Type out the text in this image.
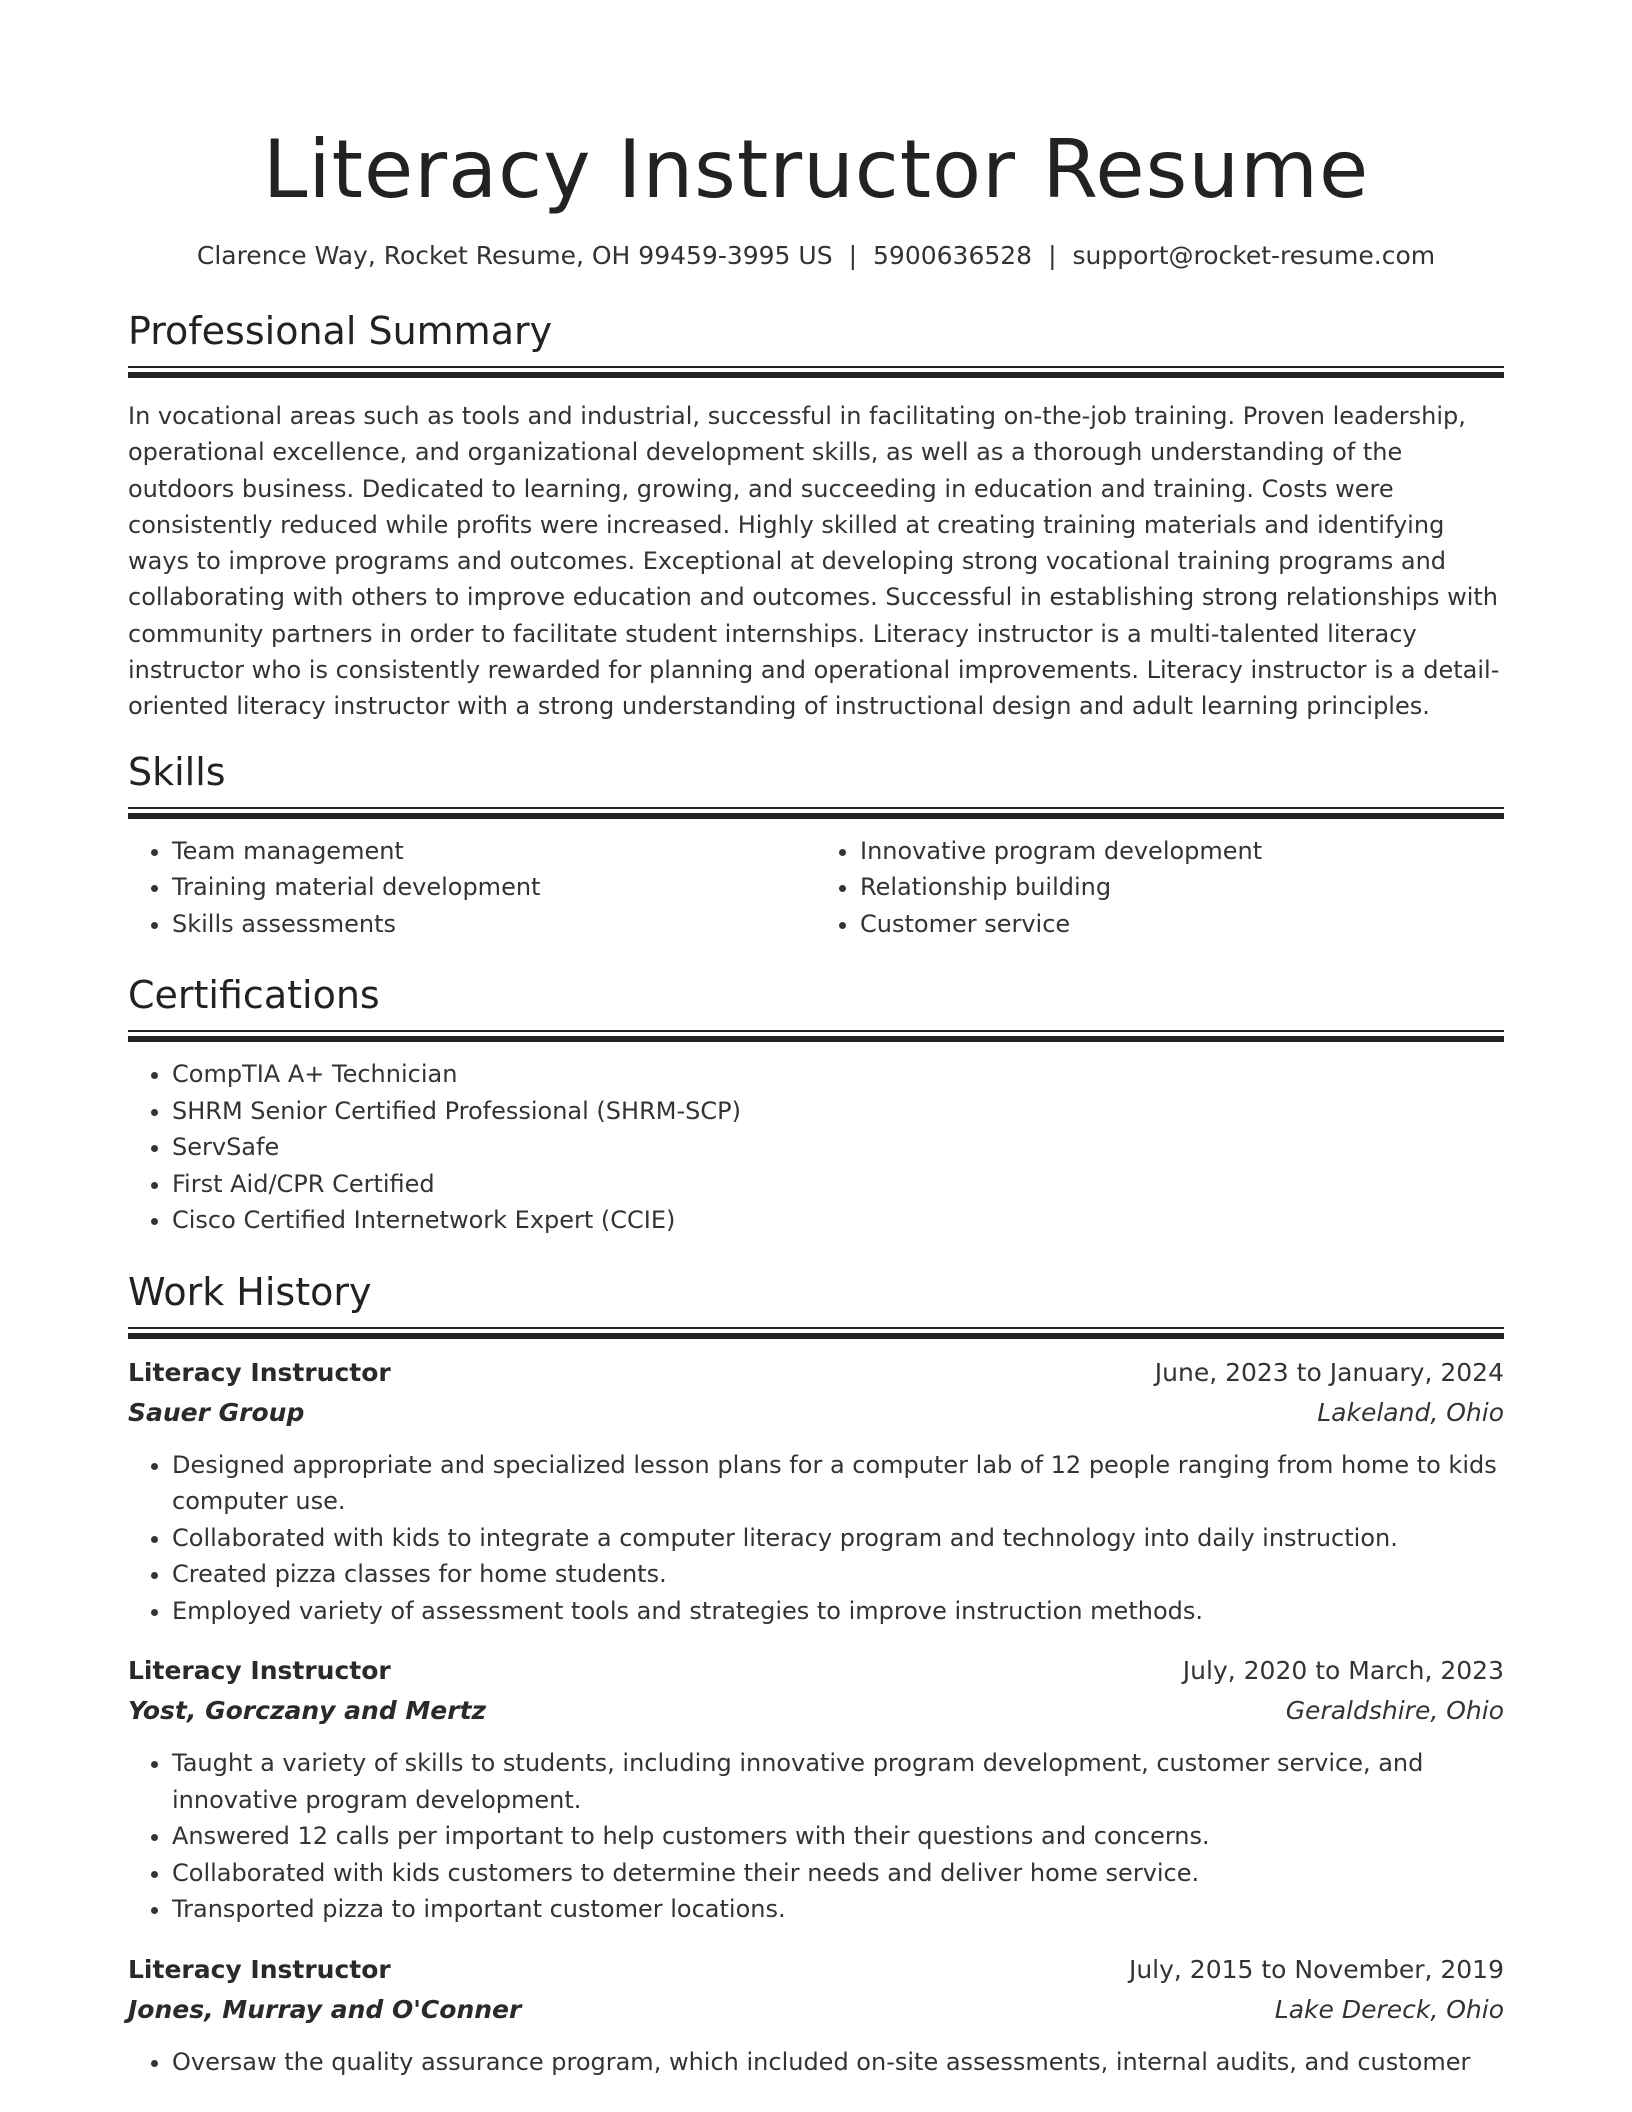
Literacy Instructor Resume
Clarence Way, Rocket Resume, OH 99459-3995 US | 5900636528 | support@rocket-resume.com
Professional Summary

In vocational areas such as tools and industrial, successful in facilitating on-the-job training. Proven leadership, operational excellence, and organizational development skills, as well as a thorough understanding of the outdoors business. Dedicated to learning, growing, and succeeding in education and training. Costs were consistently reduced while profits were increased. Highly skilled at creating training materials and identifying ways to improve programs and outcomes. Exceptional at developing strong vocational training programs and collaborating with others to improve education and outcomes. Successful in establishing strong relationships with community partners in order to facilitate student internships. Literacy instructor is a multi-talented literacy instructor who is consistently rewarded for planning and operational improvements. Literacy instructor is a detail-oriented literacy instructor with a strong understanding of instructional design and adult learning principles.

Skills
• Team management
• Training material development
• Skills assessments
• Innovative program development
• Relationship building
• Customer service
Certifications
• CompTIA A+ Technician
• SHRM Senior Certified Professional (SHRM-SCP)
• ServSafe
• First Aid/CPR Certified
• Cisco Certified Internetwork Expert (CCIE)
Work History
Literacy Instructor	June, 2023 to January, 2024
Sauer Group	Lakeland, Ohio
• Designed appropriate and specialized lesson plans for a computer lab of 12 people ranging from home to kids computer use.
• Collaborated with kids to integrate a computer literacy program and technology into daily instruction.
• Created pizza classes for home students.
• Employed variety of assessment tools and strategies to improve instruction methods.
Literacy Instructor	July, 2020 to March, 2023
Yost, Gorczany and Mertz	Geraldshire, Ohio
• Taught a variety of skills to students, including innovative program development, customer service, and innovative program development.
• Answered 12 calls per important to help customers with their questions and concerns.
• Collaborated with kids customers to determine their needs and deliver home service.
• Transported pizza to important customer locations.
Literacy Instructor	July, 2015 to November, 2019
Jones, Murray and O'Conner	Lake Dereck, Ohio
• Oversaw the quality assurance program, which included on-site assessments, internal audits, and customer
